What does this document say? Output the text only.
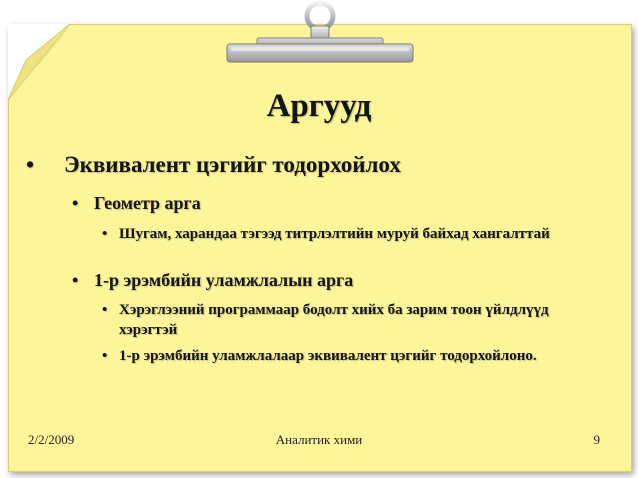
Аргууд
•	Эквивалент цэгийг тодорхойлох
• Геометр арга
• Шугам, харандаа тэгээд титрлэлтийн муруй байхад хангалттай
• 1-р эрэмбийн уламжлалын арга
• Хэрэглээний программаар бодолт хийх ба зарим тоон үйлдлүүд хэрэгтэй
• 1-р эрэмбийн уламжлалаар эквивалент цэгийг тодорхойлоно.
2/2/2009	Аналитик хими	9
